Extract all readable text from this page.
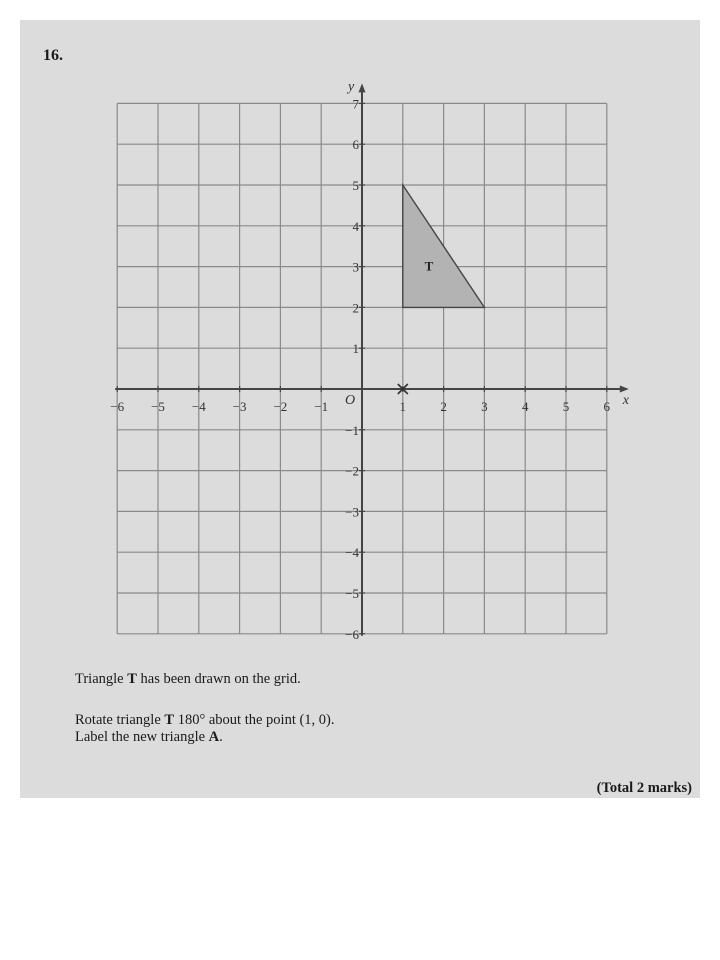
16.
T
x
y
O
−6 −5 −4 −3 −2 −1	1	2	3	4	5	6
−6
−5
−4
−3
−2
−1
1
2
3
4
5
6
7
Triangle T has been drawn on the grid.
Rotate triangle T 180° about the point (1, 0).
Label the new triangle A.
(Total 2 marks)
